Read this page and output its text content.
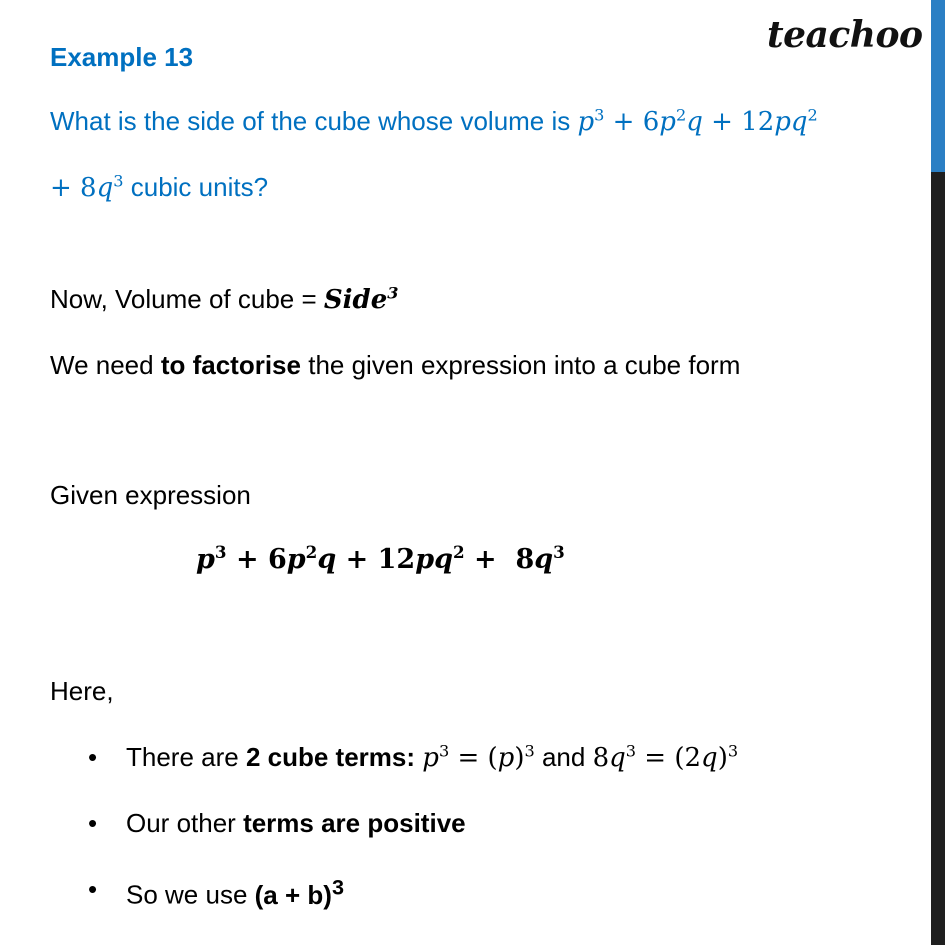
teachoo
Example 13
What is the side of the cube whose volume is $p^3 + 6p^2q + 12pq^2$
+ $8q^3$ cubic units?
Now, Volume of cube = Side$^3$
We need to factorise the given expression into a cube form
Given expression
$p^3 + 6p^2q + 12pq^2 + 8q^3$
Here,
• There are 2 cube terms: $p^3 = (p)^3$ and $8q^3 = (2q)^3$
• Our other terms are positive
• So we use $(a + b)^3$
